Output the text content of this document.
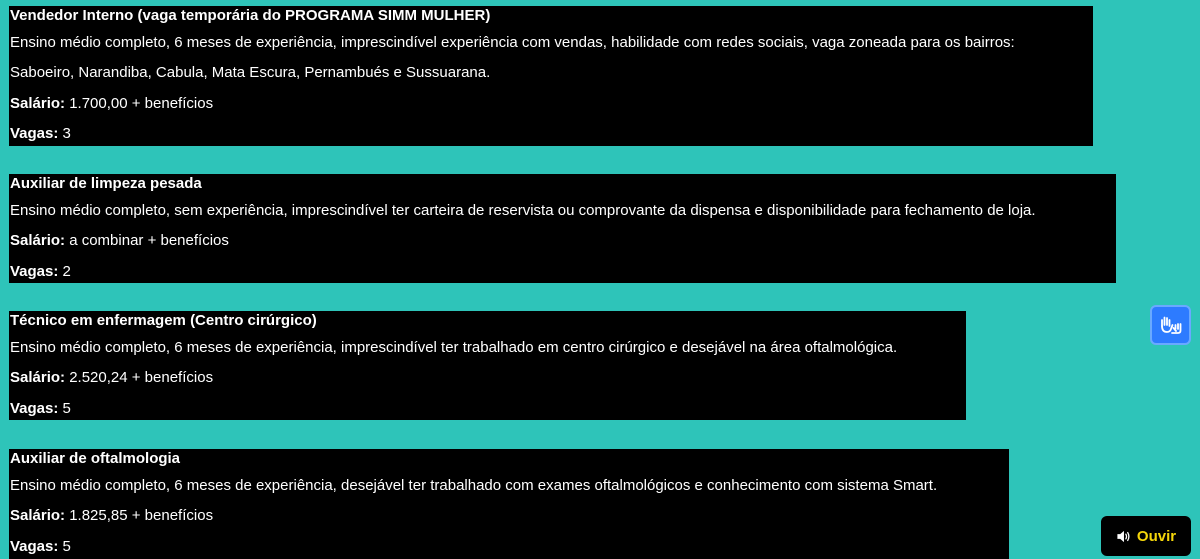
Vendedor Interno (vaga temporária do PROGRAMA SIMM MULHER)
Ensino médio completo, 6 meses de experiência, imprescindível experiência com vendas, habilidade com redes sociais, vaga zoneada para os bairros:
Saboeiro, Narandiba, Cabula, Mata Escura, Pernambués e Sussuarana.
Salário: 1.700,00 + benefícios
Vagas: 3
Auxiliar de limpeza pesada
Ensino médio completo, sem experiência, imprescindível ter carteira de reservista ou comprovante da dispensa e disponibilidade para fechamento de loja.
Salário: a combinar + benefícios
Vagas: 2
Técnico em enfermagem (Centro cirúrgico)
Ensino médio completo, 6 meses de experiência, imprescindível ter trabalhado em centro cirúrgico e desejável na área oftalmológica.
Salário: 2.520,24 + benefícios
Vagas: 5
Auxiliar de oftalmologia
Ensino médio completo, 6 meses de experiência, desejável ter trabalhado com exames oftalmológicos e conhecimento com sistema Smart.
Salário: 1.825,85 + benefícios
Vagas: 5
Ouvir
